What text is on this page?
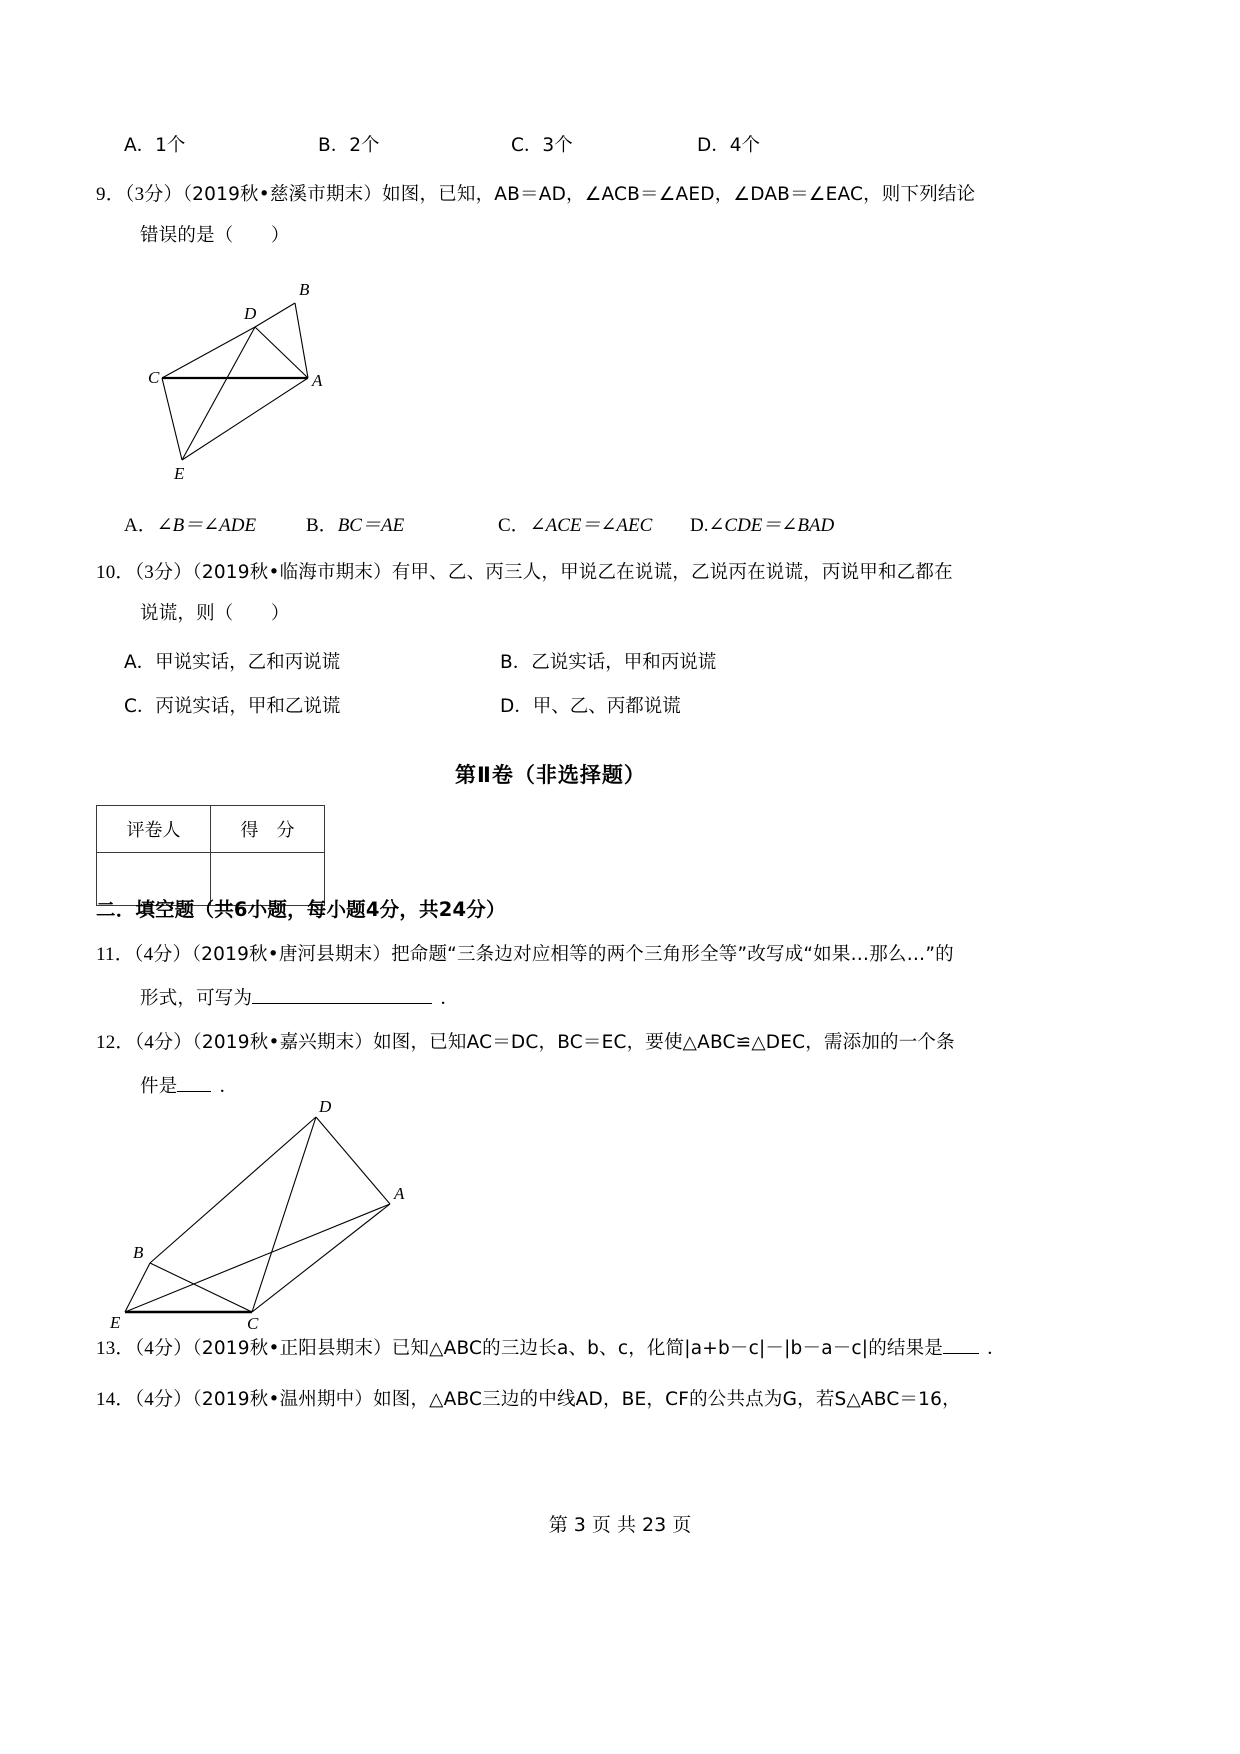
A．1个	B．2个	C．3个	D．4个
9．（3分）（2019秋•慈溪市期末）如图，已知，AB＝AD，∠ACB＝∠AED，∠DAB＝∠EAC，则下列结论
错误的是（　　）
B
D
C	A
E
A．∠B＝∠ADE	B．BC＝AE	C．∠ACE＝∠AEC	D.∠CDE＝∠BAD
10．（3分）（2019秋•临海市期末）有甲、乙、丙三人，甲说乙在说谎，乙说丙在说谎，丙说甲和乙都在
说谎，则（　　）
A．甲说实话，乙和丙说谎	B．乙说实话，甲和丙说谎
C．丙说实话，甲和乙说谎	D．甲、乙、丙都说谎
第Ⅱ卷（非选择题）
评卷人	得　分

二．填空题（共6小题，每小题4分，共24分）
11．（4分）（2019秋•唐河县期末）把命题“三条边对应相等的两个三角形全等”改写成“如果…那么…”的
形式，可写为	．
12．（4分）（2019秋•嘉兴期末）如图，已知AC＝DC，BC＝EC，要使△ABC≌△DEC，需添加的一个条
件是 ．
D
A
B
E	C
13．（4分）（2019秋•正阳县期末）已知△ABC的三边长a、b、c，化简|a+b－c|－|b－a－c|的结果是 ．
14．（4分）（2019秋•温州期中）如图，△ABC三边的中线AD，BE，CF的公共点为G，若S△ABC＝16，
第 3 页 共 23 页
